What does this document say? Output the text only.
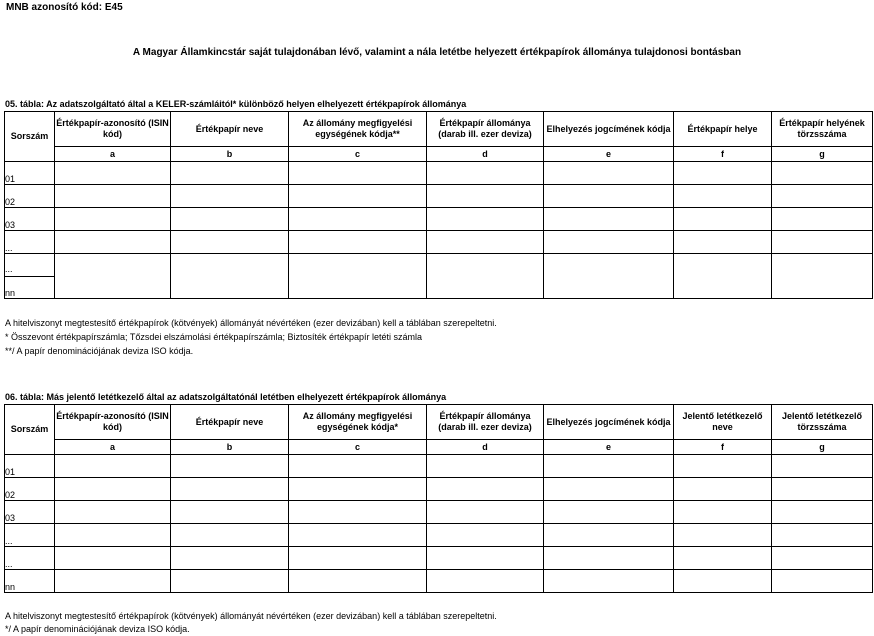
MNB azonosító kód: E45
A Magyar Államkincstár saját tulajdonában lévő, valamint a nála letétbe helyezett értékpapírok állománya tulajdonosi bontásban
05. tábla: Az adatszolgáltató által a KELER-számláitól* különböző helyen elhelyezett értékpapírok állománya
Sorszám	Értékpapír-azonosító (ISIN kód)	Értékpapír neve	Az állomány megfigyelési egységének kódja**	Értékpapír állománya (darab ill. ezer deviza)	Elhelyezés jogcímének kódja	Értékpapír helye	Értékpapír helyének törzsszáma
	a	b	c	d	e	f	g
01							
02							
03							
...							
...							
nn							
A hitelviszonyt megtestesítő értékpapírok (kötvények) állományát névértéken (ezer devizában) kell a táblában szerepeltetni.
* Összevont értékpapírszámla; Tőzsdei elszámolási értékpapírszámla; Biztosíték értékpapír letéti számla
**/ A papír denominációjának deviza ISO kódja.
06. tábla: Más jelentő letétkezelő által az adatszolgáltatónál letétben elhelyezett értékpapírok állománya
Sorszám	Értékpapír-azonosító (ISIN kód)	Értékpapír neve	Az állomány megfigyelési egységének kódja*	Értékpapír állománya (darab ill. ezer deviza)	Elhelyezés jogcímének kódja	Jelentő letétkezelő neve	Jelentő letétkezelő törzsszáma
	a	b	c	d	e	f	g
01							
02							
03							
...							
...							
nn							
A hitelviszonyt megtestesítő értékpapírok (kötvények) állományát névértéken (ezer devizában) kell a táblában szerepeltetni.
*/ A papír denominációjának deviza ISO kódja.
